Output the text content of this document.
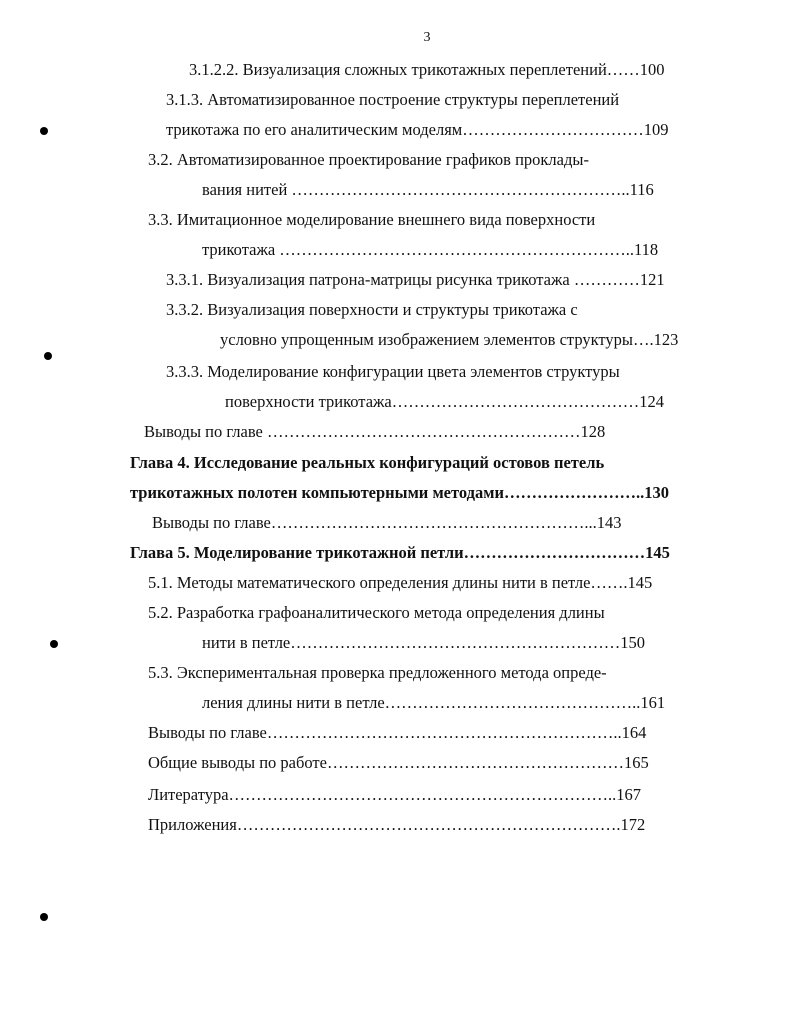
3
3.1.2.2. Визуализация сложных трикотажных переплетений……100
3.1.3. Автоматизированное построение структуры переплетений
трикотажа по его аналитическим моделям……………………………109
3.2. Автоматизированное проектирование графиков проклады-
вания нитей ……………………………………………………..116
3.3. Имитационное моделирование внешнего вида поверхности
трикотажа ………………………………………………………..118
3.3.1. Визуализация патрона-матрицы рисунка трикотажа …………121
3.3.2. Визуализация поверхности и структуры трикотажа с
условно упрощенным изображением элементов структуры….123
3.3.3. Моделирование конфигурации цвета элементов структуры
поверхности трикотажа………………………………………124
Выводы по главе …………………………………………………128
Глава 4. Исследование реальных конфигураций остовов петель
трикотажных полотен компьютерными методами……………………..130
Выводы по главе…………………………………………………...143
Глава 5. Моделирование трикотажной петли……………………………145
5.1. Методы математического определения длины нити в петле…….145
5.2. Разработка графоаналитического метода определения длины
нити в петле……………………………………………………150
5.3. Экспериментальная проверка предложенного метода опреде-
ления длины нити в петле………………………………………..161
Выводы по главе………………………………………………………..164
Общие выводы по работе………………………………………………165
Литература……………………………………………………………..167
Приложения…………………………………………………………….172
